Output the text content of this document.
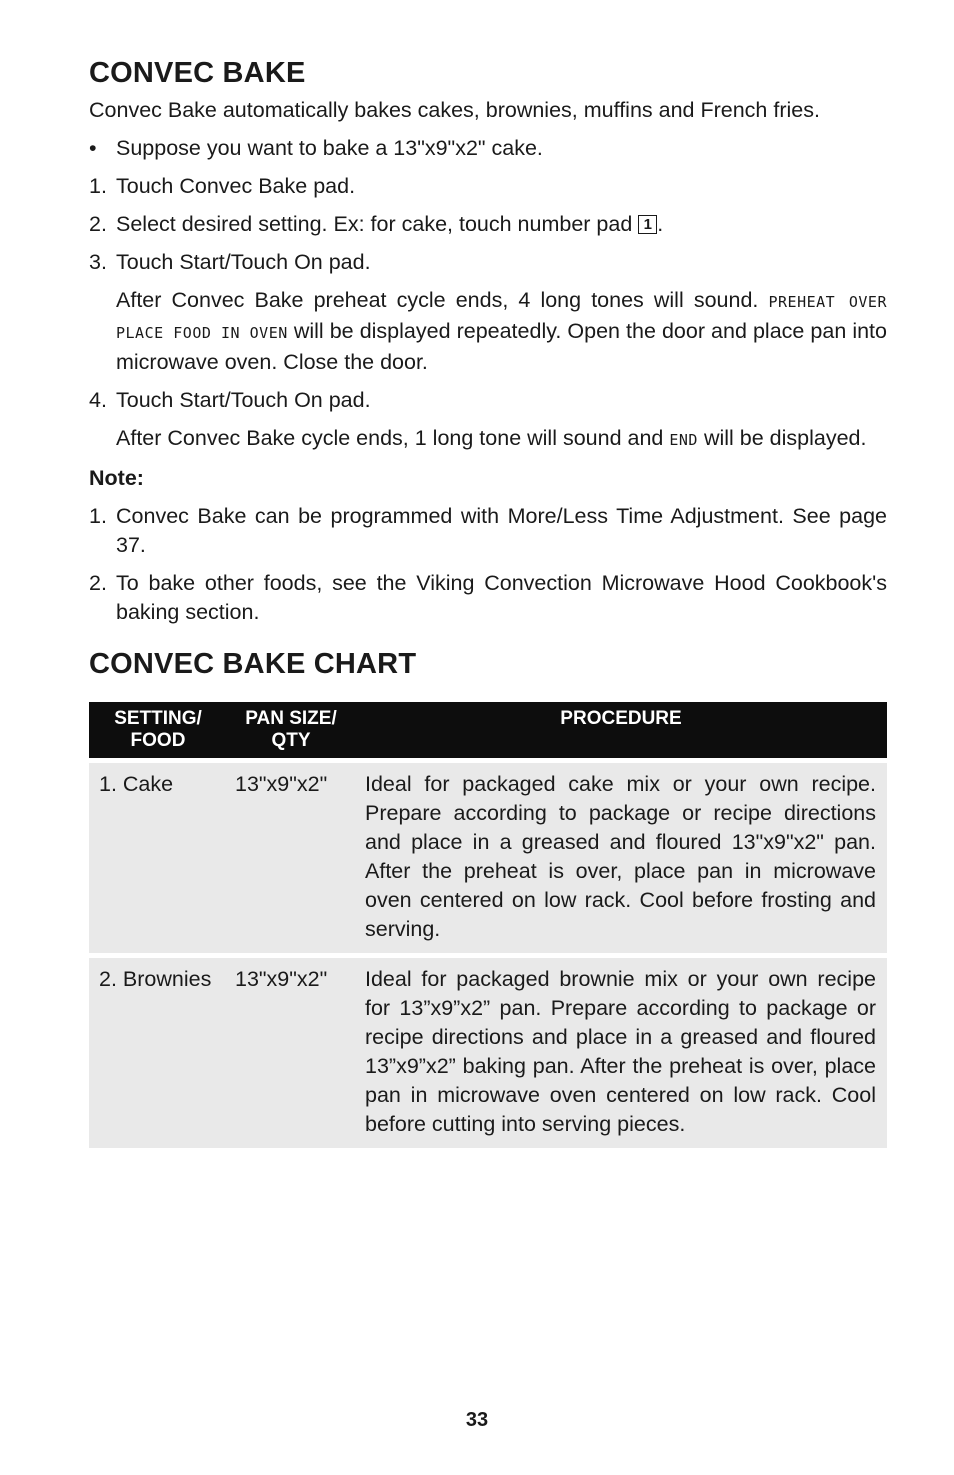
CONVEC BAKE
Convec Bake automatically bakes cakes, brownies, muffins and French fries.
• Suppose you want to bake a 13"x9"x2" cake.
1. Touch Convec Bake pad.
2. Select desired setting. Ex: for cake, touch number pad 1 .
3. Touch Start/Touch On pad.
After Convec Bake preheat cycle ends, 4 long tones will sound. PREHEAT OVER PLACE FOOD IN OVEN will be displayed repeatedly. Open the door and place pan into microwave oven. Close the door.
4. Touch Start/Touch On pad.
After Convec Bake cycle ends, 1 long tone will sound and END will be displayed.
Note:
1. Convec Bake can be programmed with More/Less Time Adjustment. See page 37.
2. To bake other foods, see the Viking Convection Microwave Hood Cookbook's baking section.
CONVEC BAKE CHART
SETTING/ FOOD	PAN SIZE/ QTY	PROCEDURE

1. Cake	13"x9"x2"	Ideal for packaged cake mix or your own recipe. Prepare according to package or recipe directions and place in a greased and floured 13"x9"x2" pan. After the preheat is over, place pan in microwave oven centered on low rack. Cool before frosting and serving.

2. Brownies	13"x9"x2"	Ideal for packaged brownie mix or your own recipe for 13”x9”x2” pan. Prepare according to package or recipe directions and place in a greased and floured 13”x9”x2” baking pan. After the preheat is over, place pan in microwave oven centered on low rack. Cool before cutting into serving pieces.
33
